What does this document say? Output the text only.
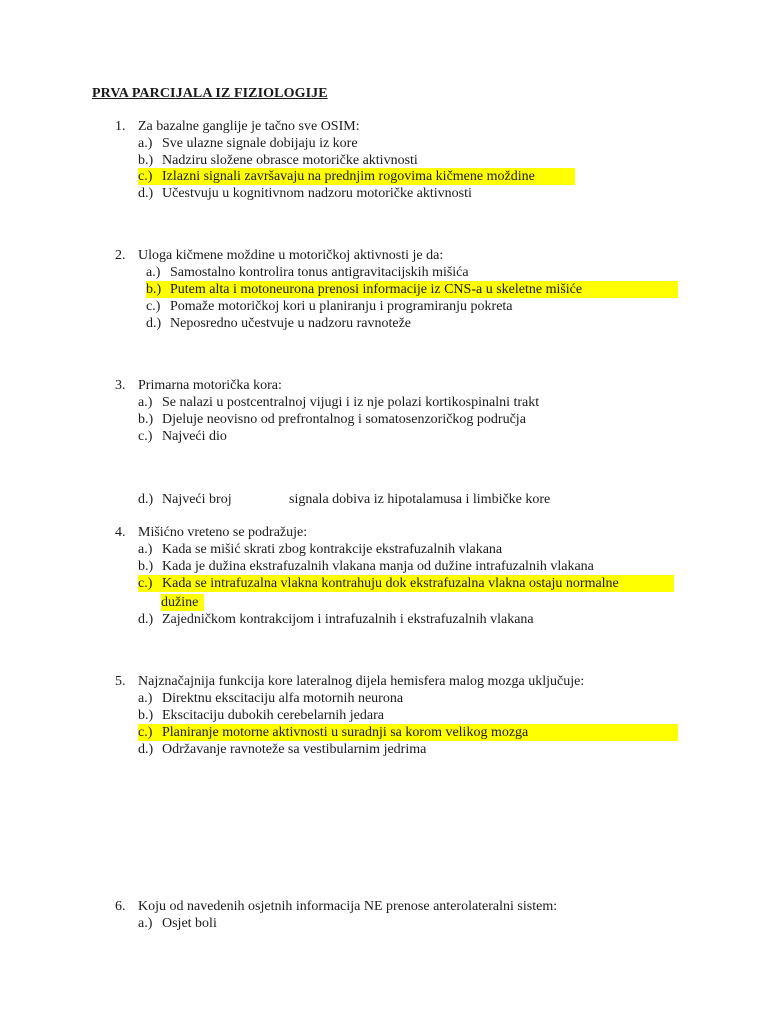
PRVA PARCIJALA IZ FIZIOLOGIJE
1. Za bazalne ganglije je tačno sve OSIM:
a.) Sve ulazne signale dobijaju iz kore
b.) Nadziru složene obrasce motoričke aktivnosti
c.) Izlazni signali završavaju na prednjim rogovima kičmene moždine
d.) Učestvuju u kognitivnom nadzoru motoričke aktivnosti
2. Uloga kičmene moždine u motoričkoj aktivnosti je da:
a.) Samostalno kontrolira tonus antigravitacijskih mišića
b.) Putem alta i motoneurona prenosi informacije iz CNS-a u skeletne mišiće
c.) Pomaže motoričkoj kori u planiranju i programiranju pokreta
d.) Neposredno učestvuje u nadzoru ravnoteže
3. Primarna motorička kora:
a.) Se nalazi u postcentralnoj vijugi i iz nje polazi kortikospinalni trakt
b.) Djeluje neovisno od prefrontalnog i somatosenzoričkog područja
c.) Najveći dio
d.) Najveći broj	signala dobiva iz hipotalamusa i limbičke kore
4. Mišićno vreteno se podražuje:
a.) Kada se mišić skrati zbog kontrakcije ekstrafuzalnih vlakana
b.) Kada je dužina ekstrafuzalnih vlakana manja od dužine intrafuzalnih vlakana
c.) Kada se intrafuzalna vlakna kontrahuju dok ekstrafuzalna vlakna ostaju normalne
dužine
d.) Zajedničkom kontrakcijom i intrafuzalnih i ekstrafuzalnih vlakana
5. Najznačajnija funkcija kore lateralnog dijela hemisfera malog mozga uključuje:
a.) Direktnu ekscitaciju alfa motornih neurona
b.) Ekscitaciju dubokih cerebelarnih jedara
c.) Planiranje motorne aktivnosti u suradnji sa korom velikog mozga
d.) Održavanje ravnoteže sa vestibularnim jedrima
6. Koju od navedenih osjetnih informacija NE prenose anterolateralni sistem:
a.) Osjet boli
